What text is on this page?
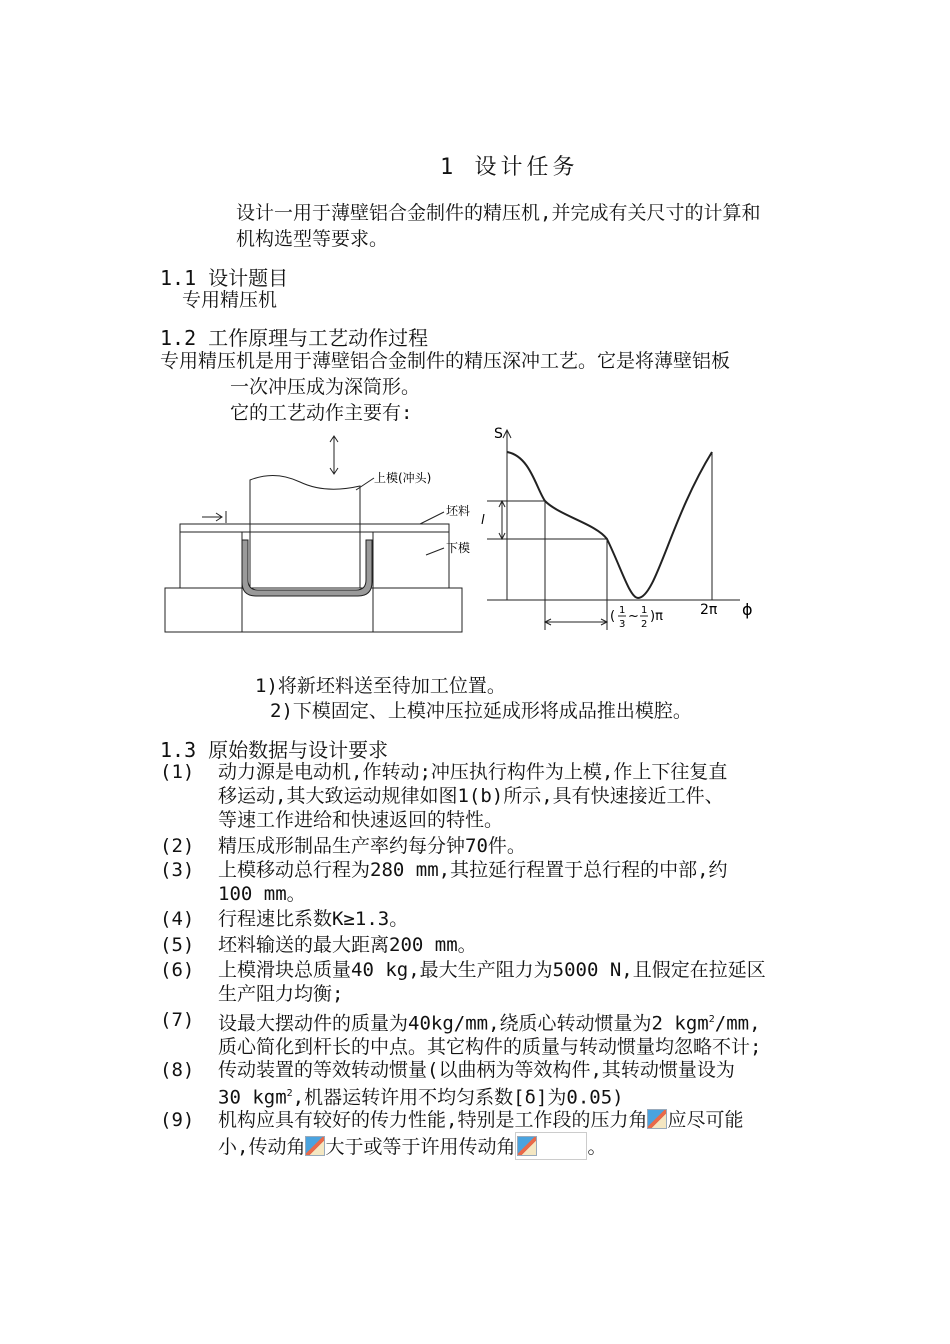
1 设计任务
设计一用于薄壁铝合金制件的精压机,并完成有关尺寸的计算和
机构选型等要求。
1.1 设计题目
专用精压机
1.2 工作原理与工艺动作过程
专用精压机是用于薄壁铝合金制件的精压深冲工艺。它是将薄壁铝板
一次冲压成为深筒形。
它的工艺动作主要有:
上模(冲头)
坯料
下模
S
ϕ
l
2π
( 1
3
~ 1
2
)π
1)将新坯料送至待加工位置。
2)下模固定、上模冲压拉延成形将成品推出模腔。
1.3 原始数据与设计要求
(1) 动力源是电动机,作转动;冲压执行构件为上模,作上下往复直
移运动,其大致运动规律如图1(b)所示,具有快速接近工件、
等速工作进给和快速返回的特性。
(2) 精压成形制品生产率约每分钟70件。
(3) 上模移动总行程为280 mm,其拉延行程置于总行程的中部,约
100 mm。
(4) 行程速比系数K≥1.3。
(5) 坯料输送的最大距离200 mm。
(6) 上模滑块总质量40 kg,最大生产阻力为5000 N,且假定在拉延区
生产阻力均衡;
(7) 设最大摆动件的质量为40kg/mm,绕质心转动惯量为2 kgm$^2$/mm,
质心简化到杆长的中点。其它构件的质量与转动惯量均忽略不计;
(8) 传动装置的等效转动惯量(以曲柄为等效构件,其转动惯量设为
30 kgm$^2$,机器运转许用不均匀系数[δ]为0.05)
(9) 机构应具有较好的传力性能,特别是工作段的压力角 应尽可能
小,传动角 大于或等于许用传动角	。
